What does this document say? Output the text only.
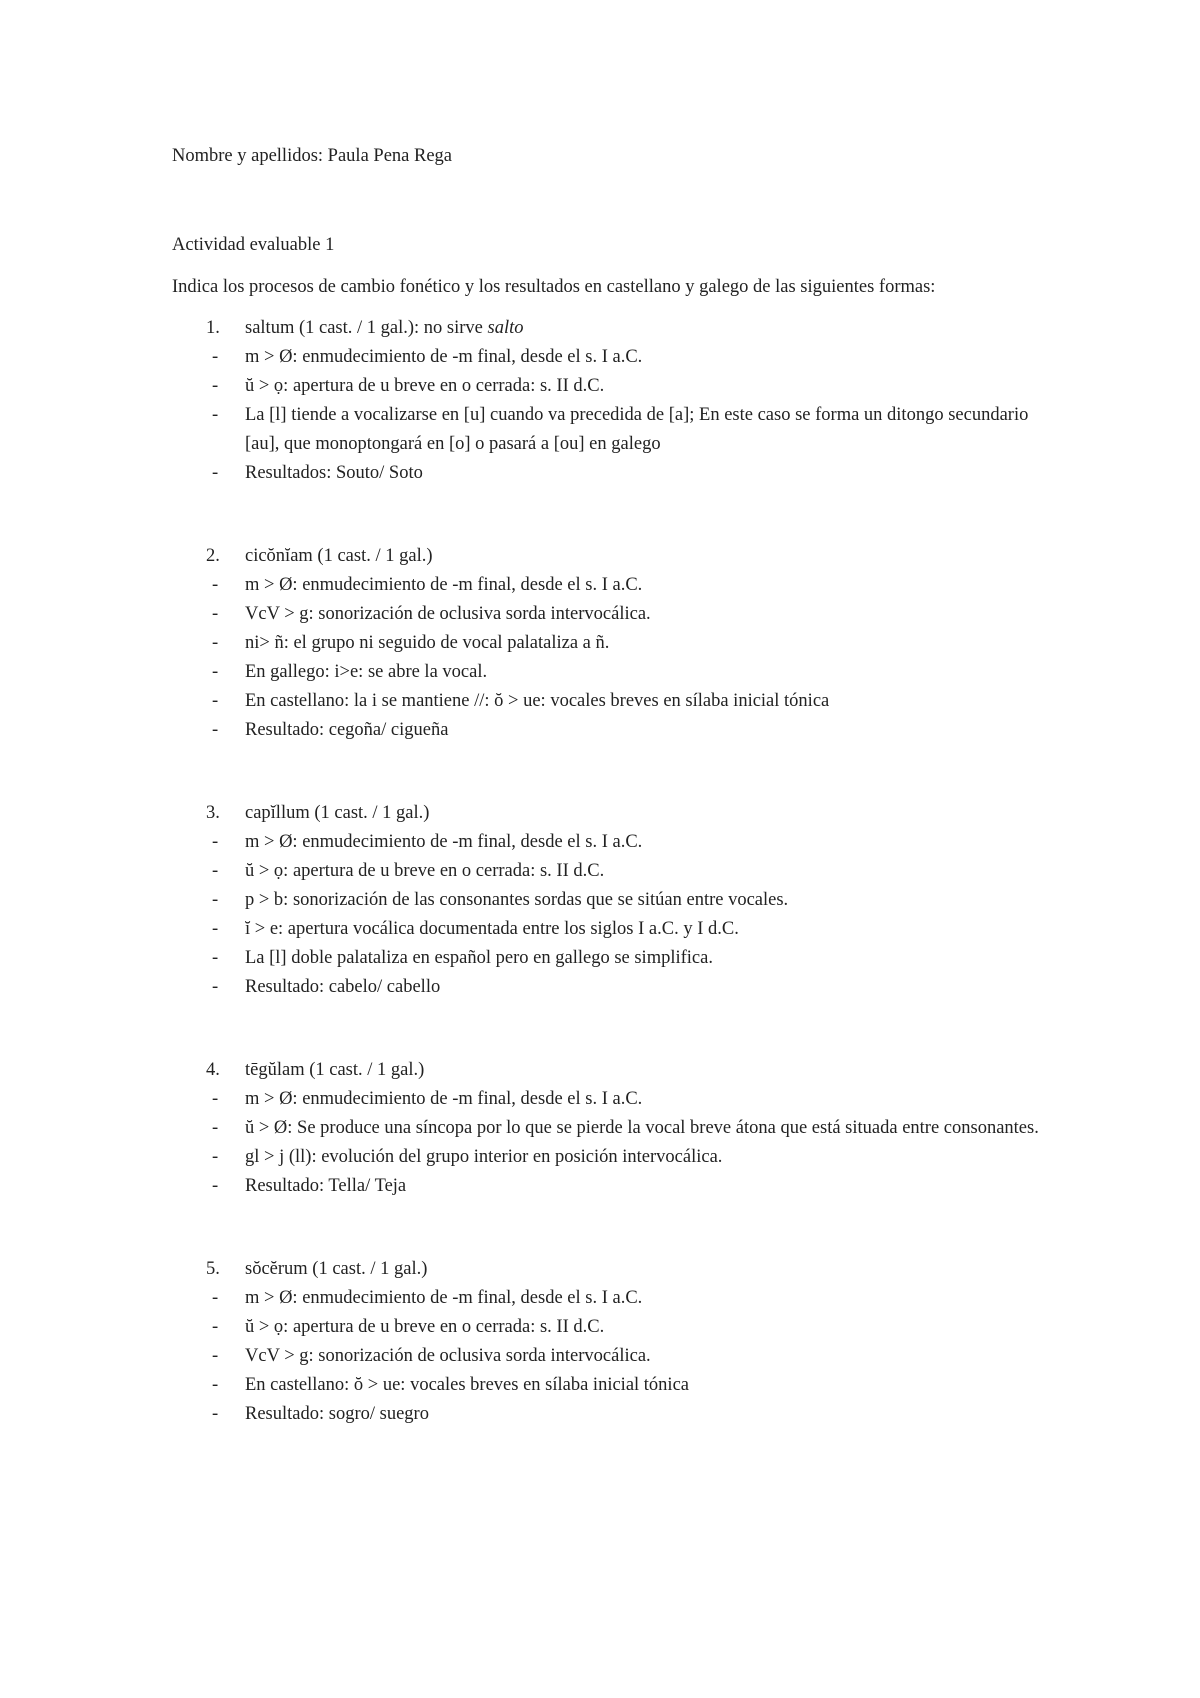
Nombre y apellidos: Paula Pena Rega
Actividad evaluable 1
Indica los procesos de cambio fonético y los resultados en castellano y galego de las siguientes formas:
1. saltum (1 cast. / 1 gal.): no sirve salto
- m > Ø: enmudecimiento de -m final, desde el s. I a.C.
- ŭ > ọ: apertura de u breve en o cerrada: s. II d.C.
- La [l] tiende a vocalizarse en [u] cuando va precedida de [a]; En este caso se forma un ditongo secundario [au], que monoptongará en [o] o pasará a [ou] en galego
- Resultados: Souto/ Soto
2. cicŏnĭam (1 cast. / 1 gal.)
- m > Ø: enmudecimiento de -m final, desde el s. I a.C.
- VcV > g: sonorización de oclusiva sorda intervocálica.
- ni> ñ: el grupo ni seguido de vocal palataliza a ñ.
- En gallego: i>e: se abre la vocal.
- En castellano: la i se mantiene //: ŏ > ue: vocales breves en sílaba inicial tónica
- Resultado: cegoña/ cigueña
3. capĭllum (1 cast. / 1 gal.)
- m > Ø: enmudecimiento de -m final, desde el s. I a.C.
- ŭ > ọ: apertura de u breve en o cerrada: s. II d.C.
- p > b: sonorización de las consonantes sordas que se sitúan entre vocales.
- ĭ > e: apertura vocálica documentada entre los siglos I a.C. y I d.C.
- La [l] doble palataliza en español pero en gallego se simplifica.
- Resultado: cabelo/ cabello
4. tēgŭlam (1 cast. / 1 gal.)
- m > Ø: enmudecimiento de -m final, desde el s. I a.C.
- ŭ > Ø: Se produce una síncopa por lo que se pierde la vocal breve átona que está situada entre consonantes.
- gl > j (ll): evolución del grupo interior en posición intervocálica.
- Resultado: Tella/ Teja
5. sŏcĕrum (1 cast. / 1 gal.)
- m > Ø: enmudecimiento de -m final, desde el s. I a.C.
- ŭ > ọ: apertura de u breve en o cerrada: s. II d.C.
- VcV > g: sonorización de oclusiva sorda intervocálica.
- En castellano: ŏ > ue: vocales breves en sílaba inicial tónica
- Resultado: sogro/ suegro
